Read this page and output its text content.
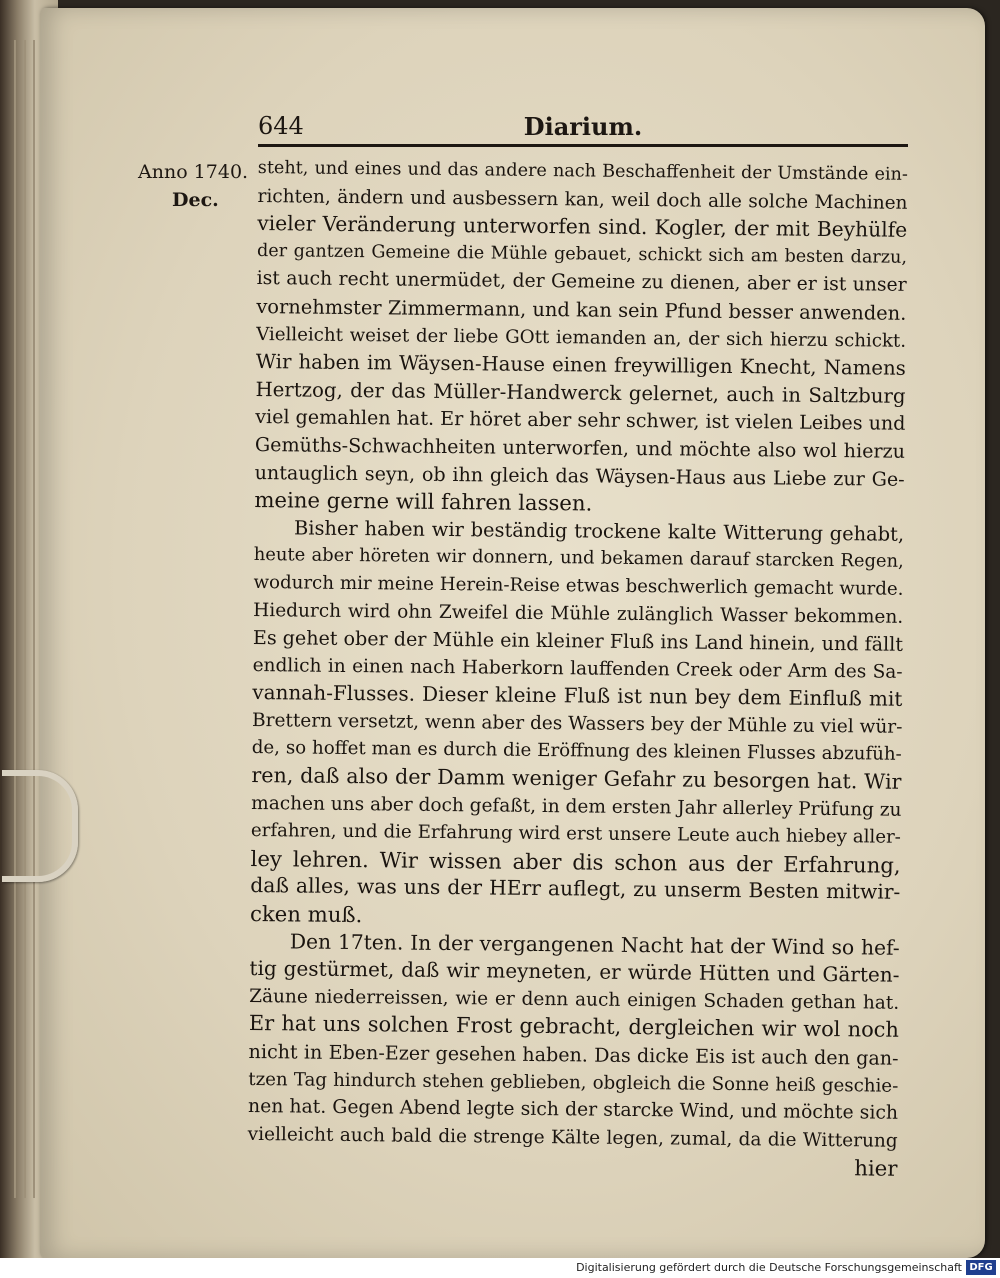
644	Diarium.
Anno 1740.
Dec.
steht, und eines und das andere nach Beschaffenheit der Umstände ein-
richten, ändern und ausbessern kan, weil doch alle solche Machinen
vieler Veränderung unterworfen sind. Kogler, der mit Beyhülfe
der gantzen Gemeine die Mühle gebauet, schickt sich am besten darzu,
ist auch recht unermüdet, der Gemeine zu dienen, aber er ist unser
vornehmster Zimmermann, und kan sein Pfund besser anwenden.
Vielleicht weiset der liebe GOtt iemanden an, der sich hierzu schickt.
Wir haben im Wäysen-Hause einen freywilligen Knecht, Namens
Hertzog, der das Müller-Handwerck gelernet, auch in Saltzburg
viel gemahlen hat. Er höret aber sehr schwer, ist vielen Leibes und
Gemüths-Schwachheiten unterworfen, und möchte also wol hierzu
untauglich seyn, ob ihn gleich das Wäysen-Haus aus Liebe zur Ge-
meine gerne will fahren lassen.
Bisher haben wir beständig trockene kalte Witterung gehabt,
heute aber höreten wir donnern, und bekamen darauf starcken Regen,
wodurch mir meine Herein-Reise etwas beschwerlich gemacht wurde.
Hiedurch wird ohn Zweifel die Mühle zulänglich Wasser bekommen.
Es gehet ober der Mühle ein kleiner Fluß ins Land hinein, und fällt
endlich in einen nach Haberkorn lauffenden Creek oder Arm des Sa-
vannah-Flusses. Dieser kleine Fluß ist nun bey dem Einfluß mit
Brettern versetzt, wenn aber des Wassers bey der Mühle zu viel wür-
de, so hoffet man es durch die Eröffnung des kleinen Flusses abzufüh-
ren, daß also der Damm weniger Gefahr zu besorgen hat. Wir
machen uns aber doch gefaßt, in dem ersten Jahr allerley Prüfung zu
erfahren, und die Erfahrung wird erst unsere Leute auch hiebey aller-
ley lehren. Wir wissen aber dis schon aus der Erfahrung,
daß alles, was uns der HErr auflegt, zu unserm Besten mitwir-
cken muß.
Den 17ten. In der vergangenen Nacht hat der Wind so hef-
tig gestürmet, daß wir meyneten, er würde Hütten und Gärten-
Zäune niederreissen, wie er denn auch einigen Schaden gethan hat.
Er hat uns solchen Frost gebracht, dergleichen wir wol noch
nicht in Eben-Ezer gesehen haben. Das dicke Eis ist auch den gan-
tzen Tag hindurch stehen geblieben, obgleich die Sonne heiß geschie-
nen hat. Gegen Abend legte sich der starcke Wind, und möchte sich
vielleicht auch bald die strenge Kälte legen, zumal, da die Witterung
hier
Digitalisierung gefördert durch die Deutsche Forschungsgemeinschaft DFG
